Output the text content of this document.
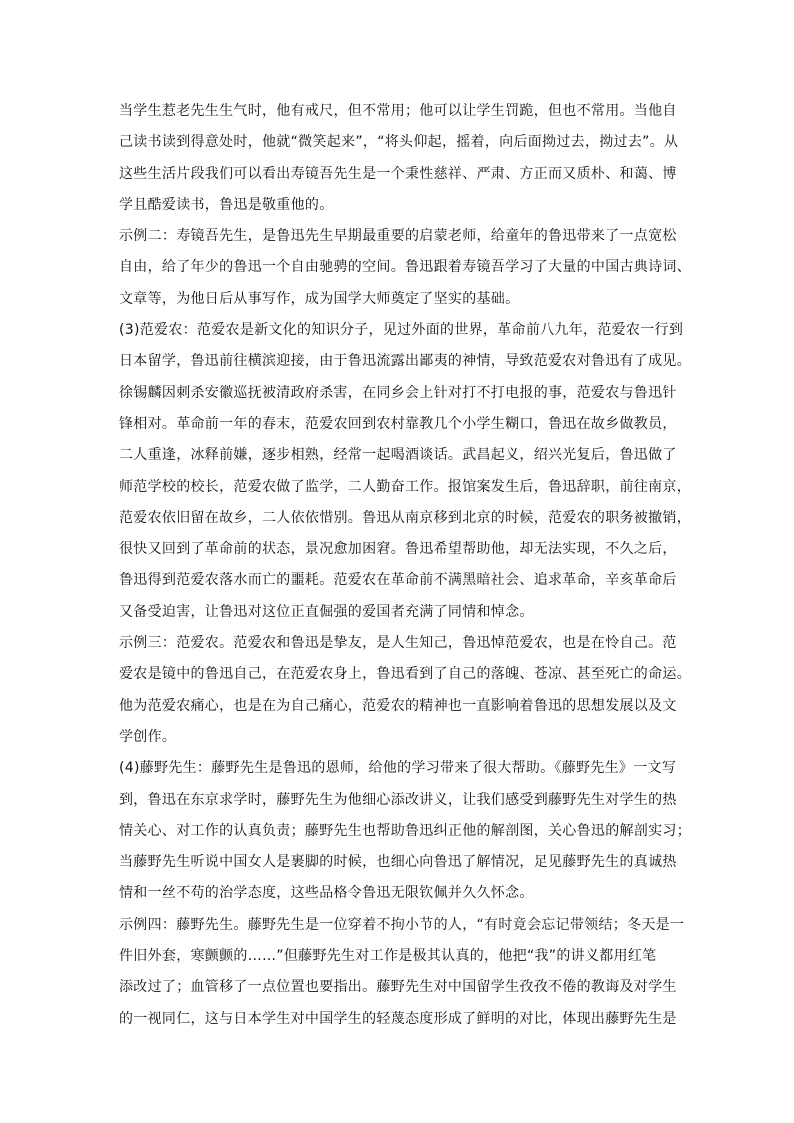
当学生惹老先生生气时，他有戒尺，但不常用；他可以让学生罚跪，但也不常用。当他自
己读书读到得意处时，他就“微笑起来”，“将头仰起，摇着，向后面拗过去，拗过去”。从
这些生活片段我们可以看出寿镜吾先生是一个秉性慈祥、严肃、方正而又质朴、和蔼、博
学且酷爱读书，鲁迅是敬重他的。
示例二：寿镜吾先生，是鲁迅先生早期最重要的启蒙老师，给童年的鲁迅带来了一点宽松
自由，给了年少的鲁迅一个自由驰骋的空间。鲁迅跟着寿镜吾学习了大量的中国古典诗词、
文章等，为他日后从事写作，成为国学大师奠定了坚实的基础。
(3)范爱农：范爱农是新文化的知识分子，见过外面的世界，革命前八九年，范爱农一行到
日本留学，鲁迅前往横滨迎接，由于鲁迅流露出鄙夷的神情，导致范爱农对鲁迅有了成见。
徐锡麟因刺杀安徽巡抚被清政府杀害，在同乡会上针对打不打电报的事，范爱农与鲁迅针
锋相对。革命前一年的春末，范爱农回到农村靠教几个小学生糊口，鲁迅在故乡做教员，
二人重逢，冰释前嫌，逐步相熟，经常一起喝酒谈话。武昌起义，绍兴光复后，鲁迅做了
师范学校的校长，范爱农做了监学，二人勤奋工作。报馆案发生后，鲁迅辞职，前往南京，
范爱农依旧留在故乡，二人依依惜别。鲁迅从南京移到北京的时候，范爱农的职务被撤销，
很快又回到了革命前的状态，景况愈加困窘。鲁迅希望帮助他，却无法实现，不久之后，
鲁迅得到范爱农落水而亡的噩耗。范爱农在革命前不满黑暗社会、追求革命，辛亥革命后
又备受迫害，让鲁迅对这位正直倔强的爱国者充满了同情和悼念。
示例三：范爱农。范爱农和鲁迅是挚友，是人生知己，鲁迅悼范爱农，也是在怜自己。范
爱农是镜中的鲁迅自己，在范爱农身上，鲁迅看到了自己的落魄、苍凉、甚至死亡的命运。
他为范爱农痛心，也是在为自己痛心，范爱农的精神也一直影响着鲁迅的思想发展以及文
学创作。
(4)藤野先生：藤野先生是鲁迅的恩师，给他的学习带来了很大帮助。《藤野先生》一文写
到，鲁迅在东京求学时，藤野先生为他细心添改讲义，让我们感受到藤野先生对学生的热
情关心、对工作的认真负责；藤野先生也帮助鲁迅纠正他的解剖图，关心鲁迅的解剖实习；
当藤野先生听说中国女人是裹脚的时候，也细心向鲁迅了解情况，足见藤野先生的真诚热
情和一丝不苟的治学态度，这些品格令鲁迅无限钦佩并久久怀念。
示例四：藤野先生。藤野先生是一位穿着不拘小节的人，“有时竟会忘记带领结；冬天是一
件旧外套，寒颤颤的……”但藤野先生对工作是极其认真的，他把“我”的讲义都用红笔
添改过了；血管移了一点位置也要指出。藤野先生对中国留学生孜孜不倦的教诲及对学生
的一视同仁，这与日本学生对中国学生的轻蔑态度形成了鲜明的对比，体现出藤野先生是
